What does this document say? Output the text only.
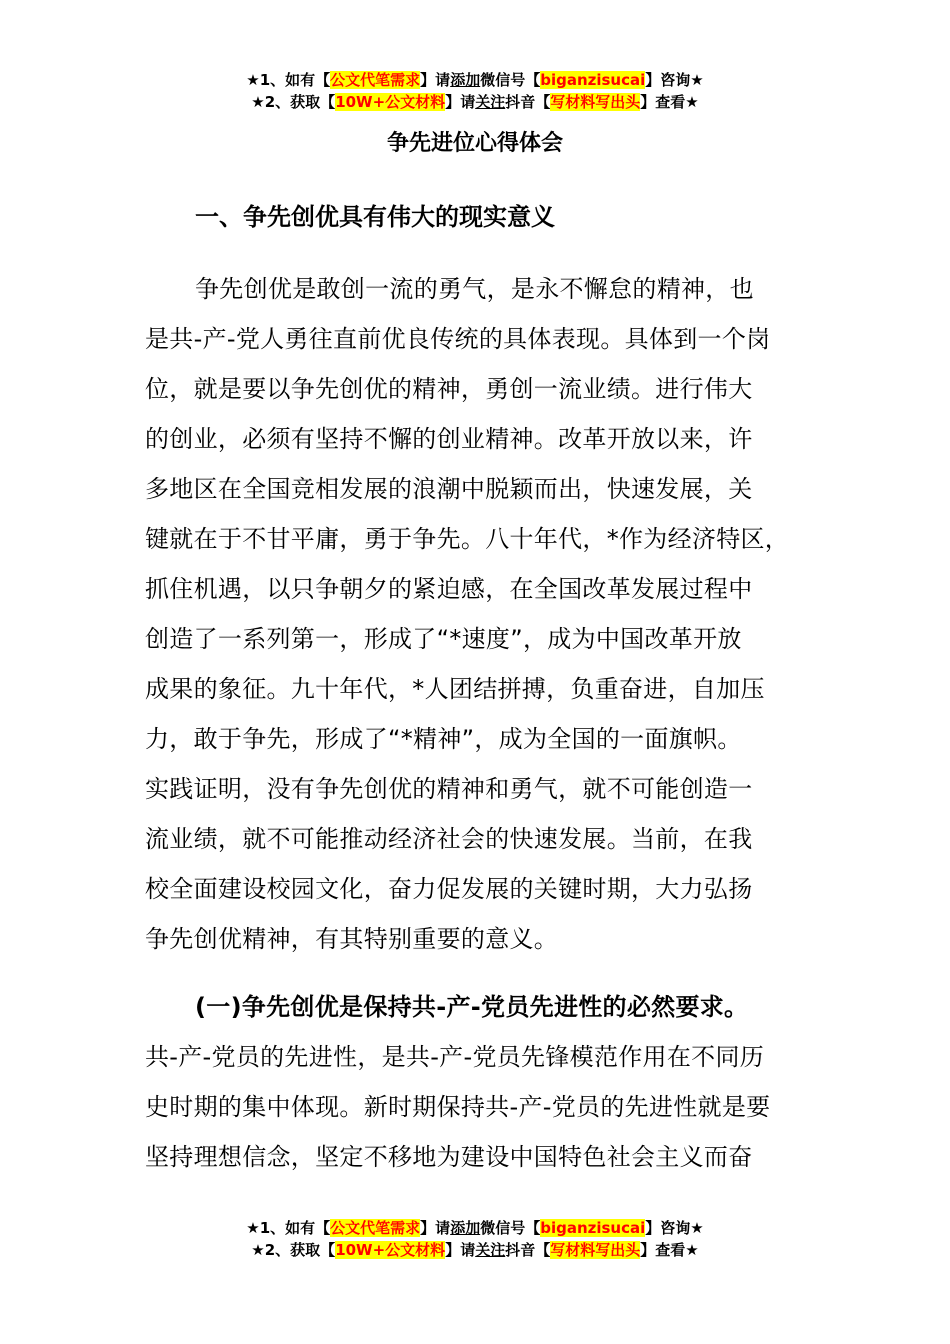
★1、如有【公文代笔需求】请添加微信号【biganzisucai】咨询★
★2、获取【10W+公文材料】请关注抖音【写材料写出头】查看★
争先进位心得体会
一、争先创优具有伟大的现实意义
争先创优是敢创一流的勇气，是永不懈怠的精神，也
是共-产-党人勇往直前优良传统的具体表现。具体到一个岗
位，就是要以争先创优的精神，勇创一流业绩。进行伟大
的创业，必须有坚持不懈的创业精神。改革开放以来，许
多地区在全国竞相发展的浪潮中脱颖而出，快速发展，关
键就在于不甘平庸，勇于争先。八十年代，*作为经济特区，
抓住机遇，以只争朝夕的紧迫感，在全国改革发展过程中
创造了一系列第一，形成了“*速度”，成为中国改革开放
成果的象征。九十年代，*人团结拼搏，负重奋进，自加压
力，敢于争先，形成了“*精神”，成为全国的一面旗帜。
实践证明，没有争先创优的精神和勇气，就不可能创造一
流业绩，就不可能推动经济社会的快速发展。当前，在我
校全面建设校园文化，奋力促发展的关键时期，大力弘扬
争先创优精神，有其特别重要的意义。
(一)争先创优是保持共-产-党员先进性的必然要求。
共-产-党员的先进性，是共-产-党员先锋模范作用在不同历
史时期的集中体现。新时期保持共-产-党员的先进性就是要
坚持理想信念，坚定不移地为建设中国特色社会主义而奋
★1、如有【公文代笔需求】请添加微信号【biganzisucai】咨询★
★2、获取【10W+公文材料】请关注抖音【写材料写出头】查看★
